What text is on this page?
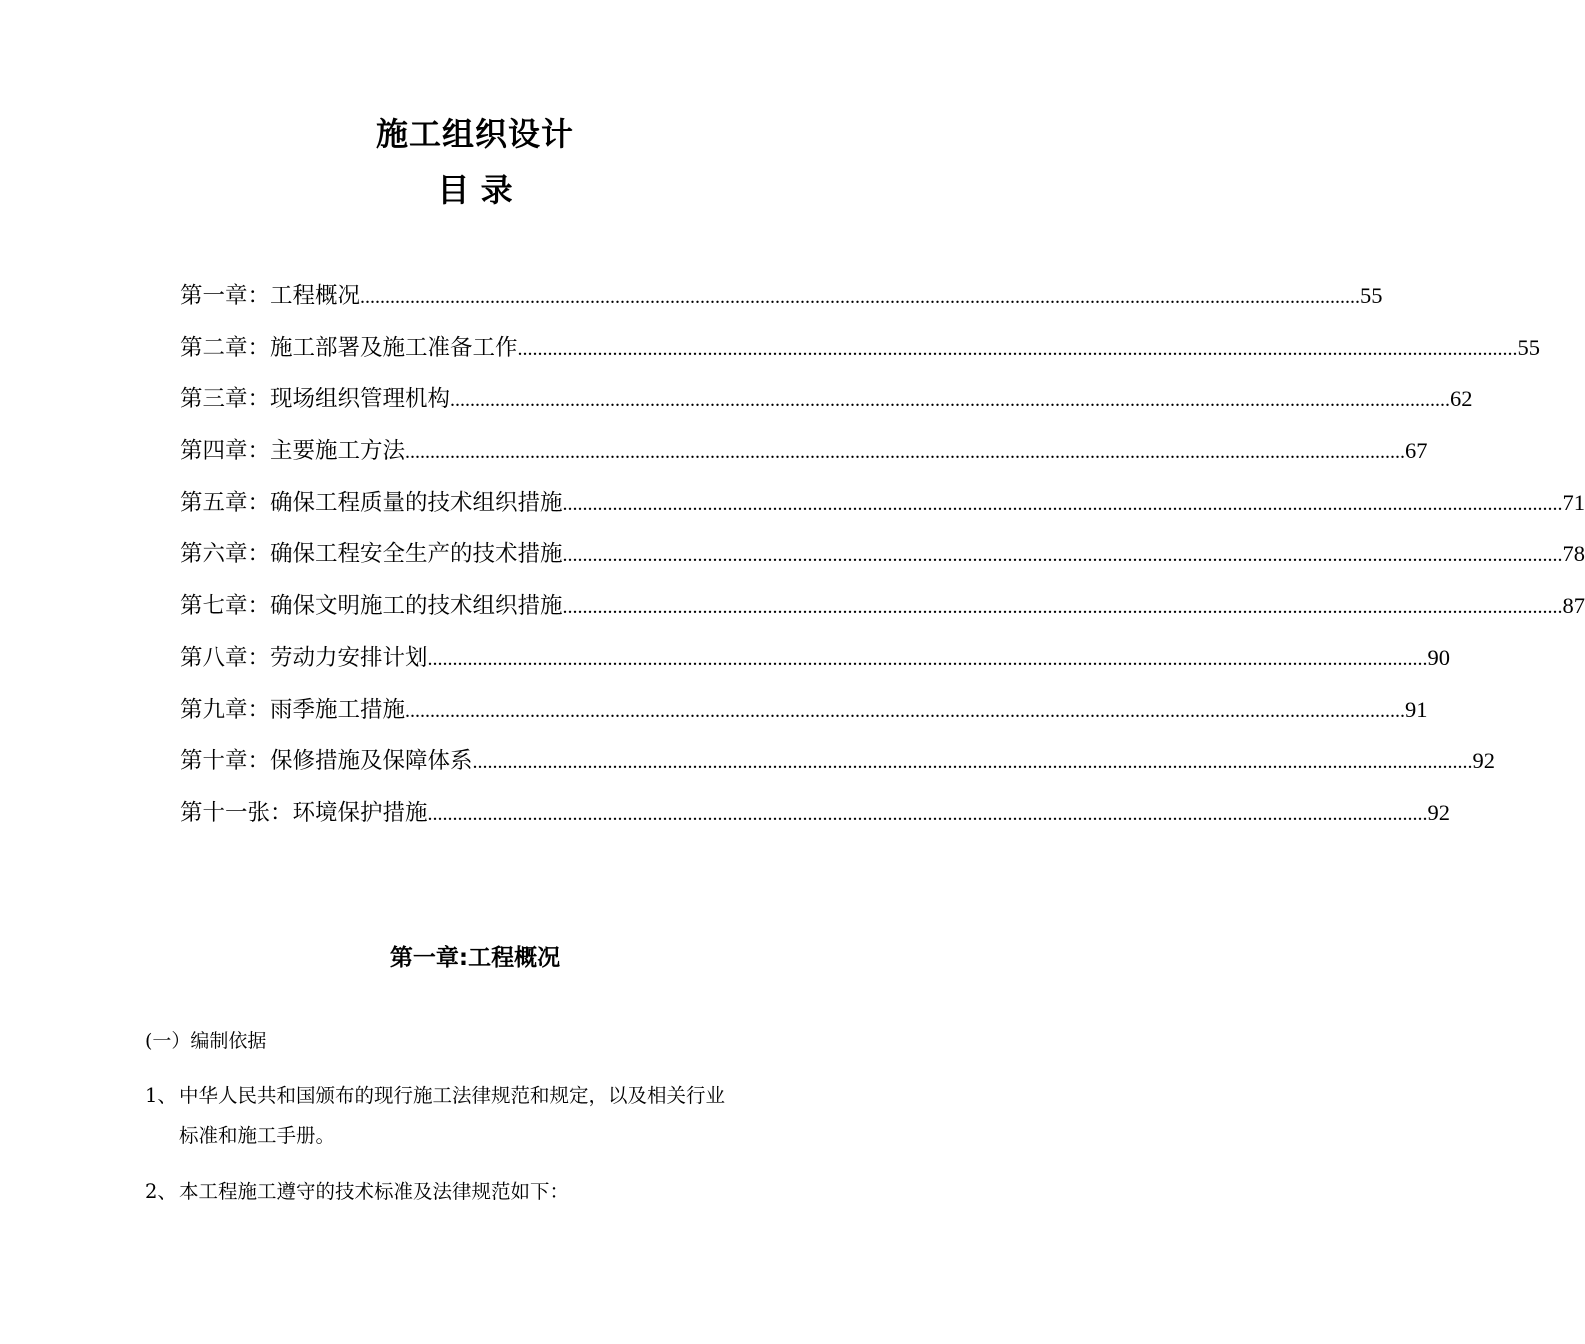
施工组织设计
目 录
第一章：工程概况 ........................................................................................................................................................................................................ 55
第二章：施工部署及施工准备工作 ........................................................................................................................................................................................................ 55
第三章：现场组织管理机构 ........................................................................................................................................................................................................ 62
第四章：主要施工方法 ........................................................................................................................................................................................................ 67
第五章：确保工程质量的技术组织措施 ........................................................................................................................................................................................................ 71
第六章：确保工程安全生产的技术措施 ........................................................................................................................................................................................................ 78
第七章：确保文明施工的技术组织措施 ........................................................................................................................................................................................................ 87
第八章：劳动力安排计划 ........................................................................................................................................................................................................ 90
第九章：雨季施工措施 ........................................................................................................................................................................................................ 91
第十章：保修措施及保障体系 ........................................................................................................................................................................................................ 92
第十一张：环境保护措施 ........................................................................................................................................................................................................ 92
第一章:工程概况
(一）编制依据
1、 中华人民共和国颁布的现行施工法律规范和规定，以及相关行业
标准和施工手册。
2、 本工程施工遵守的技术标准及法律规范如下：
